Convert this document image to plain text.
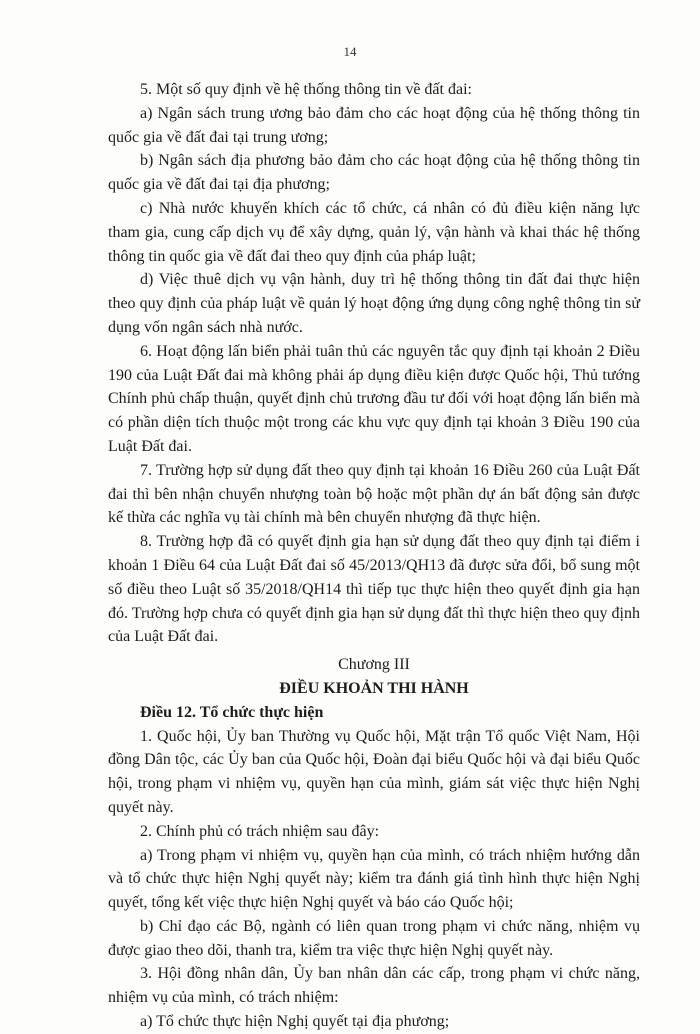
14

5. Một số quy định về hệ thống thông tin về đất đai:

a) Ngân sách trung ương bảo đảm cho các hoạt động của hệ thống thông tin quốc gia về đất đai tại trung ương;

b) Ngân sách địa phương bảo đảm cho các hoạt động của hệ thống thông tin quốc gia về đất đai tại địa phương;

c) Nhà nước khuyến khích các tổ chức, cá nhân có đủ điều kiện năng lực tham gia, cung cấp dịch vụ để xây dựng, quản lý, vận hành và khai thác hệ thống thông tin quốc gia về đất đai theo quy định của pháp luật;

d) Việc thuê dịch vụ vận hành, duy trì hệ thống thông tin đất đai thực hiện theo quy định của pháp luật về quản lý hoạt động ứng dụng công nghệ thông tin sử dụng vốn ngân sách nhà nước.

6. Hoạt động lấn biển phải tuân thủ các nguyên tắc quy định tại khoản 2 Điều 190 của Luật Đất đai mà không phải áp dụng điều kiện được Quốc hội, Thủ tướng Chính phủ chấp thuận, quyết định chủ trương đầu tư đối với hoạt động lấn biển mà có phần diện tích thuộc một trong các khu vực quy định tại khoản 3 Điều 190 của Luật Đất đai.

7. Trường hợp sử dụng đất theo quy định tại khoản 16 Điều 260 của Luật Đất đai thì bên nhận chuyển nhượng toàn bộ hoặc một phần dự án bất động sản được kế thừa các nghĩa vụ tài chính mà bên chuyển nhượng đã thực hiện.

8. Trường hợp đã có quyết định gia hạn sử dụng đất theo quy định tại điểm i khoản 1 Điều 64 của Luật Đất đai số 45/2013/QH13 đã được sửa đổi, bổ sung một số điều theo Luật số 35/2018/QH14 thì tiếp tục thực hiện theo quyết định gia hạn đó. Trường hợp chưa có quyết định gia hạn sử dụng đất thì thực hiện theo quy định của Luật Đất đai.

Chương III

ĐIỀU KHOẢN THI HÀNH

Điều 12. Tổ chức thực hiện

1. Quốc hội, Ủy ban Thường vụ Quốc hội, Mặt trận Tổ quốc Việt Nam, Hội đồng Dân tộc, các Ủy ban của Quốc hội, Đoàn đại biểu Quốc hội và đại biểu Quốc hội, trong phạm vi nhiệm vụ, quyền hạn của mình, giám sát việc thực hiện Nghị quyết này.

2. Chính phủ có trách nhiệm sau đây:

a) Trong phạm vi nhiệm vụ, quyền hạn của mình, có trách nhiệm hướng dẫn và tổ chức thực hiện Nghị quyết này; kiểm tra đánh giá tình hình thực hiện Nghị quyết, tổng kết việc thực hiện Nghị quyết và báo cáo Quốc hội;

b) Chỉ đạo các Bộ, ngành có liên quan trong phạm vi chức năng, nhiệm vụ được giao theo dõi, thanh tra, kiểm tra việc thực hiện Nghị quyết này.

3. Hội đồng nhân dân, Ủy ban nhân dân các cấp, trong phạm vi chức năng, nhiệm vụ của mình, có trách nhiệm:

a) Tổ chức thực hiện Nghị quyết tại địa phương;
